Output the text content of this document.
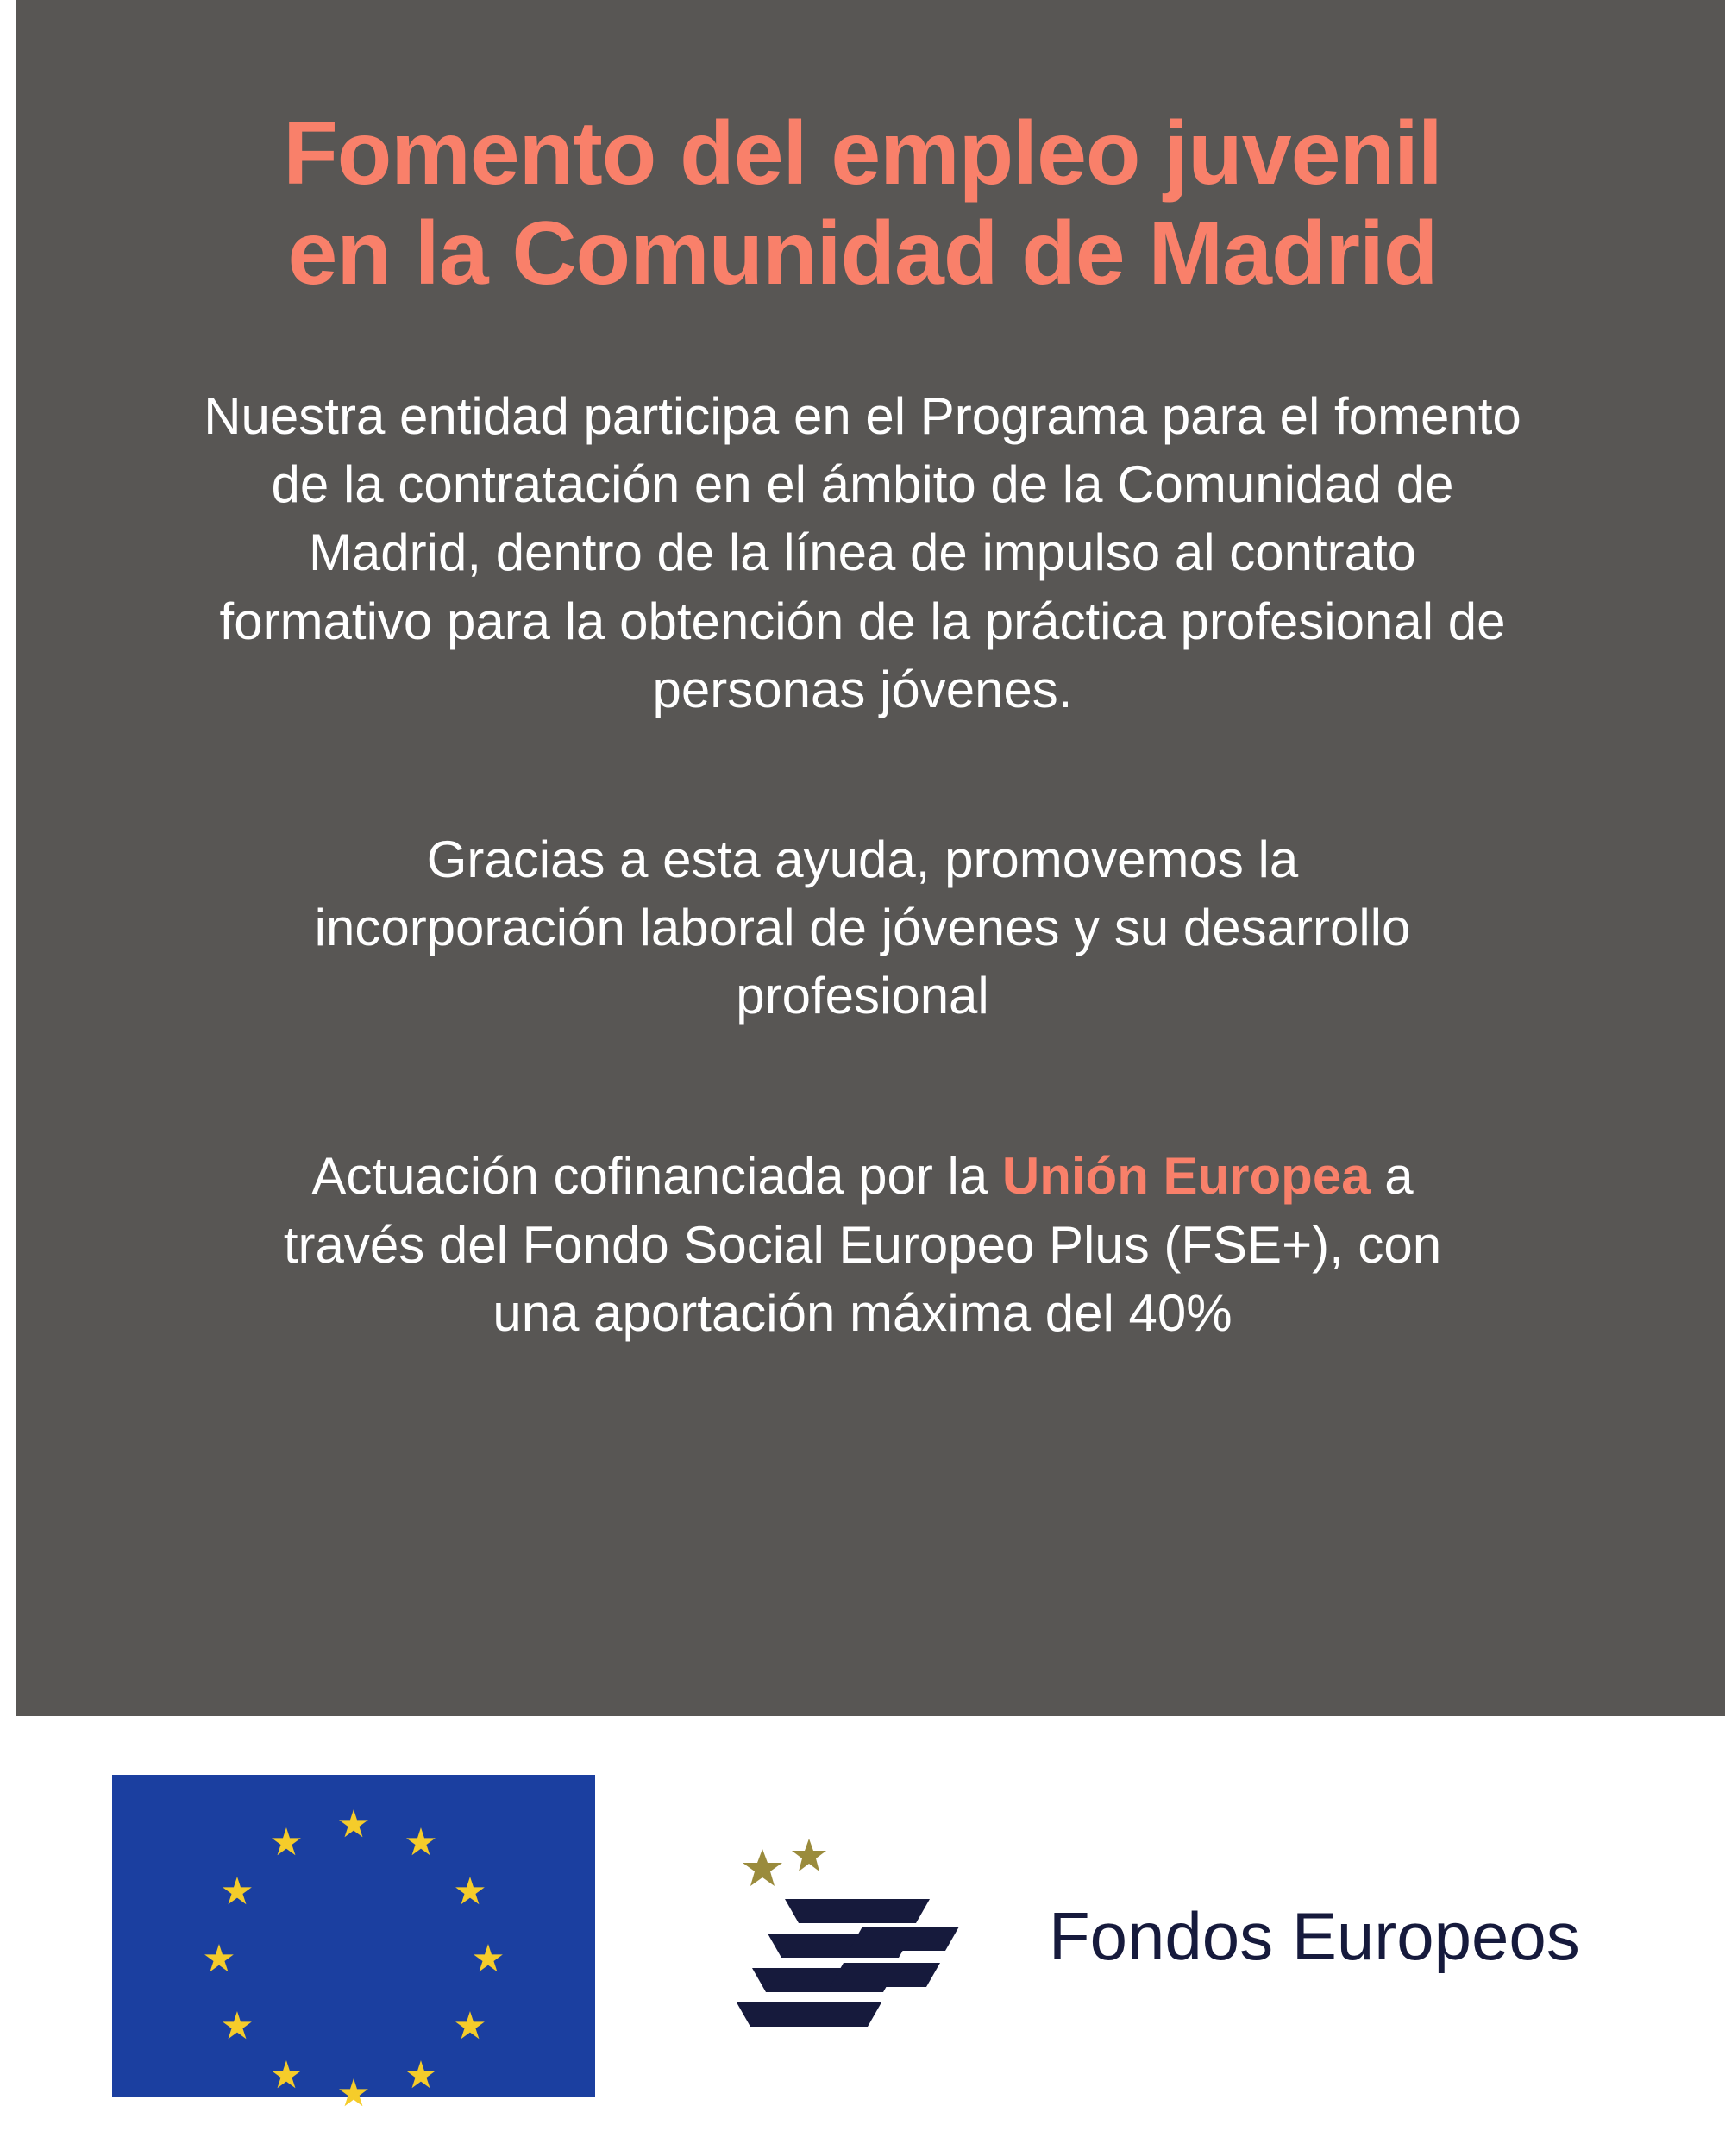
Fomento del empleo juvenil
en la Comunidad de Madrid

Nuestra entidad participa en el Programa para el fomento de la contratación en el ámbito de la Comunidad de Madrid, dentro de la línea de impulso al contrato formativo para la obtención de la práctica profesional de personas jóvenes.

Gracias a esta ayuda, promovemos la incorporación laboral de jóvenes y su desarrollo profesional

Actuación cofinanciada por la Unión Europea a través del Fondo Social Europeo Plus (FSE+), con una aportación máxima del 40%

★ ★
★
★
★
★
★
★
★
★
★
★
Fondos Europeos
